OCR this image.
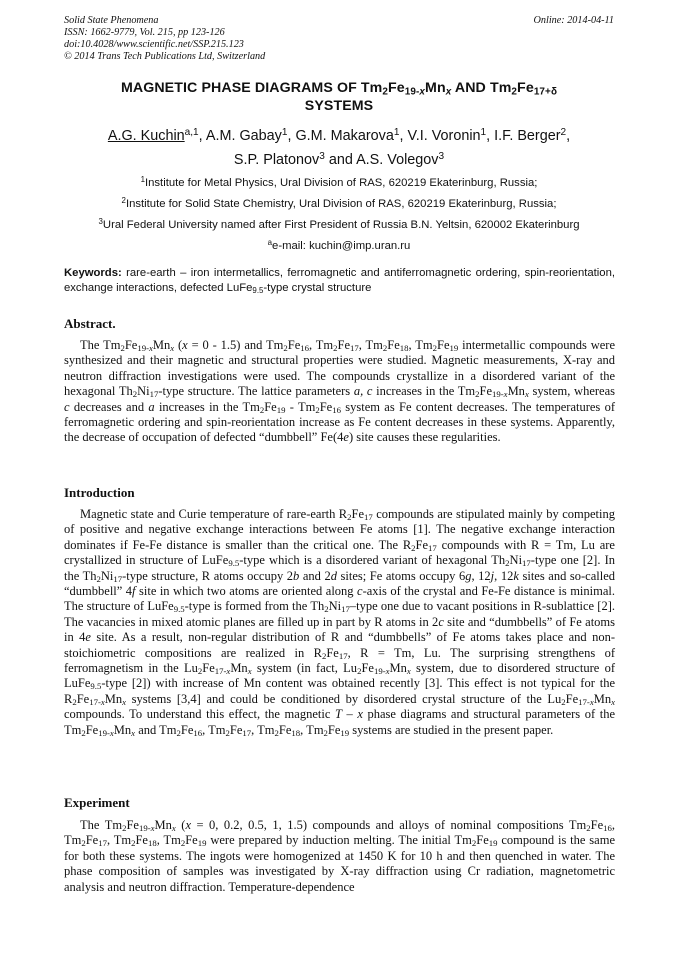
Solid State Phenomena	Online: 2014-04-11
ISSN: 1662-9779, Vol. 215, pp 123-126
doi:10.4028/www.scientific.net/SSP.215.123
© 2014 Trans Tech Publications Ltd, Switzerland
MAGNETIC PHASE DIAGRAMS OF $Tm_2Fe_{19-x}Mn_x$ AND $Tm_2Fe_{17+\delta}$
SYSTEMS
A.G. Kuchin$^{a,1}$, A.M. Gabay$^1$, G.M. Makarova$^1$, V.I. Voronin$^1$, I.F. Berger$^2$,
S.P. Platonov$^3$ and A.S. Volegov$^3$
$^1$Institute for Metal Physics, Ural Division of RAS, 620219 Ekaterinburg, Russia;
$^2$Institute for Solid State Chemistry, Ural Division of RAS, 620219 Ekaterinburg, Russia;
$^3$Ural Federal University named after First President of Russia B.N. Yeltsin, 620002 Ekaterinburg
$^a$e-mail: kuchin@imp.uran.ru
Keywords: rare-earth – iron intermetallics, ferromagnetic and antiferromagnetic ordering, spin-reorientation, exchange interactions, defected LuFe$_{9.5}$-type crystal structure
Abstract.

The $Tm_2Fe_{19-x}Mn_x$ (x = 0 - 1.5) and $Tm_2Fe_{16}$, $Tm_2Fe_{17}$, $Tm_2Fe_{18}$, $Tm_2Fe_{19}$ intermetallic compounds were synthesized and their magnetic and structural properties were studied. Magnetic measurements, X-ray and neutron diffraction investigations were used. The compounds crystallize in a disordered variant of the hexagonal $Th_2Ni_{17}$-type structure. The lattice parameters a, c increases in the $Tm_2Fe_{19-x}Mn_x$ system, whereas c decreases and a increases in the $Tm_2Fe_{19} - Tm_2Fe_{16}$ system as Fe content decreases. The temperatures of ferromagnetic ordering and spin-reorientation increase as Fe content decreases in these systems. Apparently, the decrease of occupation of defected “dumbbell” Fe(4e) site causes these regularities.

Introduction

Magnetic state and Curie temperature of rare-earth $R_2Fe_{17}$ compounds are stipulated mainly by competing of positive and negative exchange interactions between Fe atoms [1]. The negative exchange interaction dominates if Fe-Fe distance is smaller than the critical one. The $R_2Fe_{17}$ compounds with R = Tm, Lu are crystallized in structure of LuFe$_{9.5}$-type which is a disordered variant of hexagonal $Th_2Ni_{17}$-type one [2]. In the $Th_2Ni_{17}$-type structure, R atoms occupy 2b and 2d sites; Fe atoms occupy 6g, 12j, 12k sites and so-called “dumbbell” 4f site in which two atoms are oriented along c-axis of the crystal and Fe-Fe distance is minimal. The structure of LuFe$_{9.5}$-type is formed from the $Th_2Ni_{17}$–type one due to vacant positions in R-sublattice [2]. The vacancies in mixed atomic planes are filled up in part by R atoms in 2c site and “dumbbells” of Fe atoms in 4e site. As a result, non-regular distribution of R and “dumbbells” of Fe atoms takes place and non-stoichiometric compositions are realized in $R_2Fe_{17}$, R = Tm, Lu. The surprising strengthens of ferromagnetism in the $Lu_2Fe_{17-x}Mn_x$ system (in fact, $Lu_2Fe_{19-x}Mn_x$ system, due to disordered structure of LuFe$_{9.5}$-type [2]) with increase of Mn content was obtained recently [3]. This effect is not typical for the $R_2Fe_{17-x}Mn_x$ systems [3,4] and could be conditioned by disordered crystal structure of the $Lu_2Fe_{17-x}Mn_x$ compounds. To understand this effect, the magnetic T – x phase diagrams and structural parameters of the $Tm_2Fe_{19-x}Mn_x$ and $Tm_2Fe_{16}$, $Tm_2Fe_{17}$, $Tm_2Fe_{18}$, $Tm_2Fe_{19}$ systems are studied in the present paper.

Experiment

The $Tm_2Fe_{19-x}Mn_x$ (x = 0, 0.2, 0.5, 1, 1.5) compounds and alloys of nominal compositions $Tm_2Fe_{16}$, $Tm_2Fe_{17}$, $Tm_2Fe_{18}$, $Tm_2Fe_{19}$ were prepared by induction melting. The initial $Tm_2Fe_{19}$ compound is the same for both these systems. The ingots were homogenized at 1450 K for 10 h and then quenched in water. The phase composition of samples was investigated by X-ray diffraction using Cr radiation, magnetometric analysis and neutron diffraction. Temperature-dependence
